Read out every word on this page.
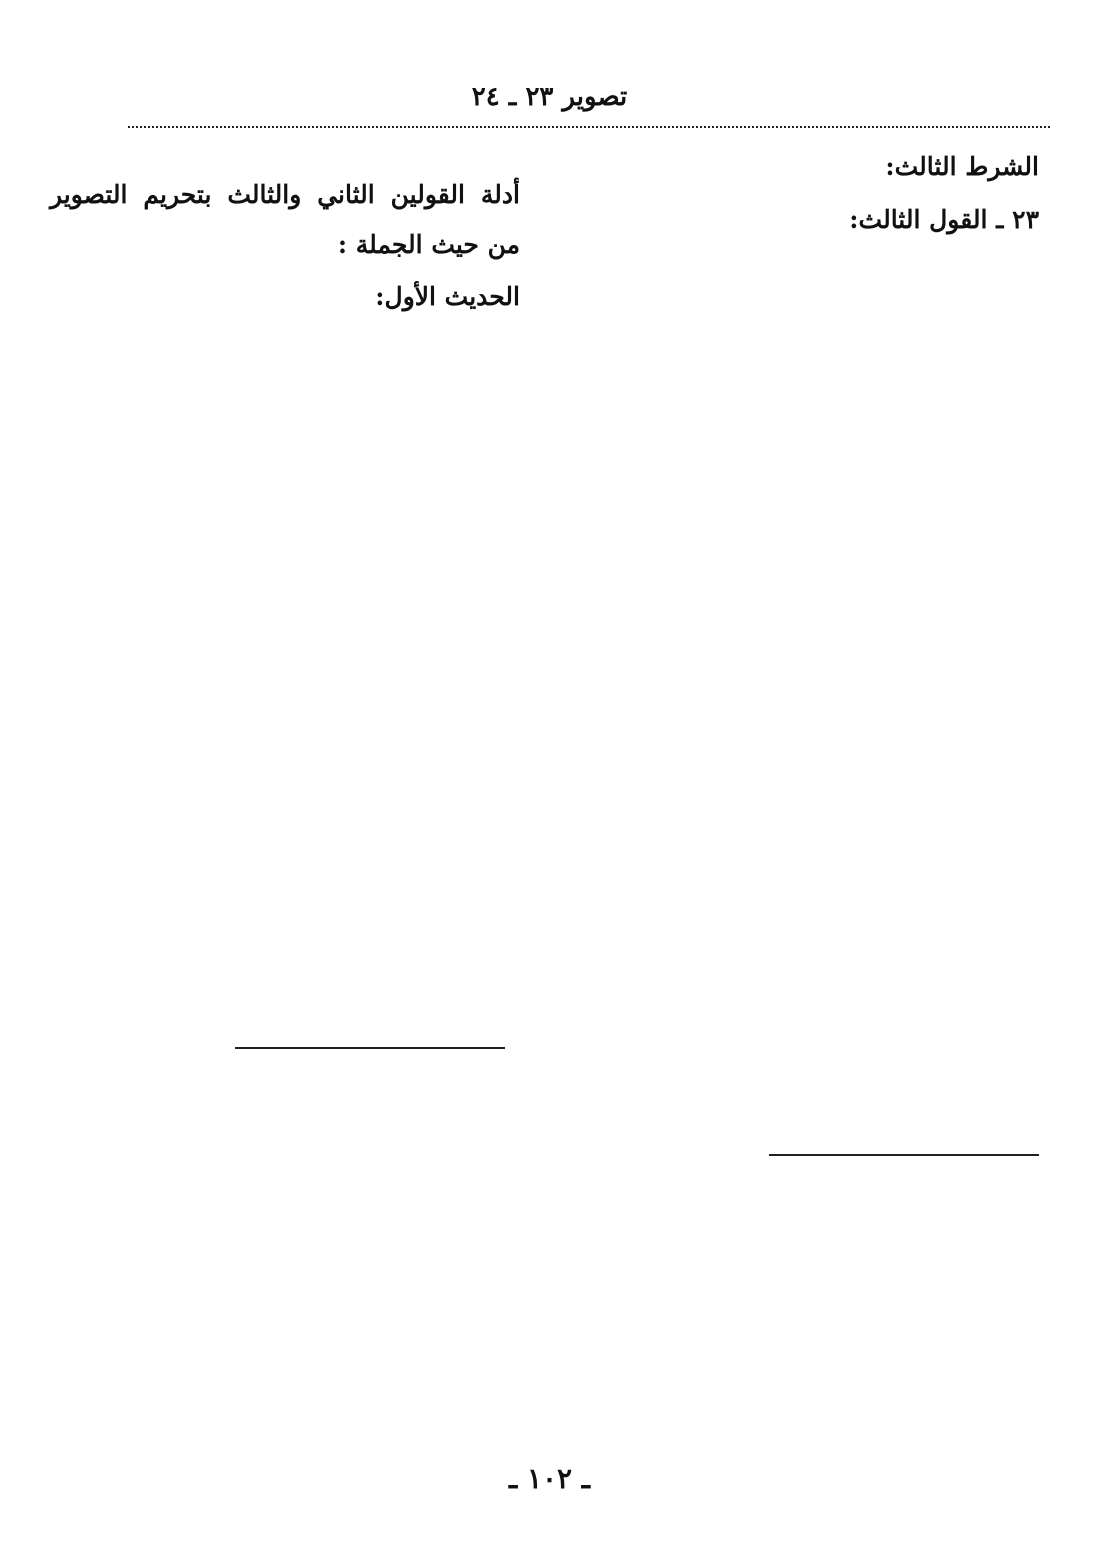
تصوير ٢٣ ـ ٢٤

الشرط الثالث:

٢٣ ـ القول الثالث:

أدلة القولين الثاني والثالث بتحريم التصوير من حيث الجملة :

الحديث الأول:

ـ ١٠٢ ـ
